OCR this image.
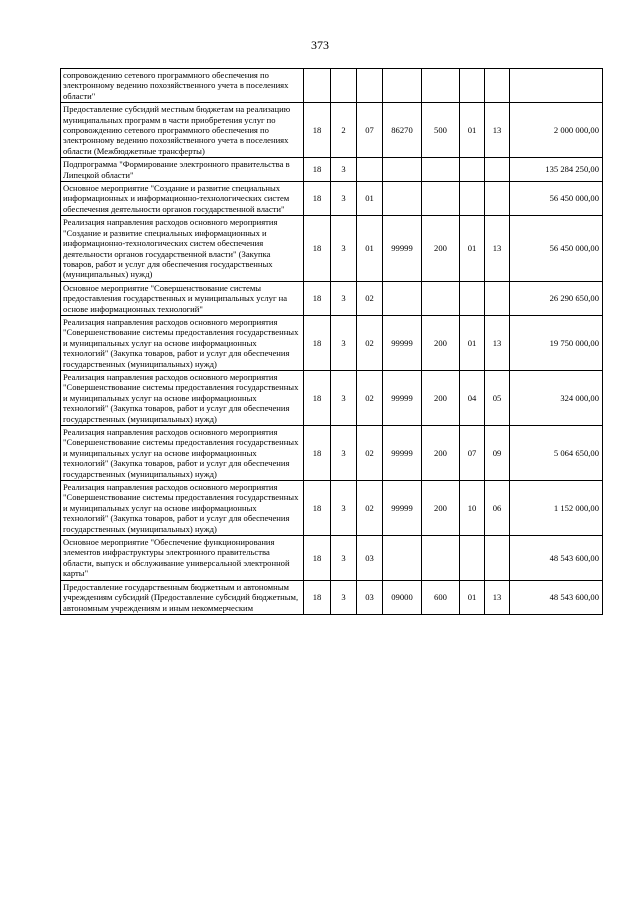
373
сопровождению сетевого программного обеспечения по электронному ведению похозяйственного учета в поселениях области"								
Предоставление субсидий местным бюджетам на реализацию муниципальных программ в части приобретения услуг по сопровождению сетевого программного обеспечения по электронному ведению похозяйственного учета в поселениях области (Межбюджетные трансферты)	18	2	07	86270	500	01	13	2 000 000,00
Подпрограмма "Формирование электронного правительства в Липецкой области"	18	3						135 284 250,00
Основное мероприятие "Создание и развитие специальных информационных и информационно-технологических систем обеспечения деятельности органов государственной власти"	18	3	01					56 450 000,00
Реализация направления расходов основного мероприятия "Создание и развитие специальных информационных и информационно-технологических систем обеспечения деятельности органов государственной власти" (Закупка товаров, работ и услуг для обеспечения государственных (муниципальных) нужд)	18	3	01	99999	200	01	13	56 450 000,00
Основное мероприятие "Совершенствование системы предоставления государственных и муниципальных услуг на основе информационных технологий"	18	3	02					26 290 650,00
Реализация направления расходов основного мероприятия "Совершенствование системы предоставления государственных и муниципальных услуг на основе информационных технологий" (Закупка товаров, работ и услуг для обеспечения государственных (муниципальных) нужд)	18	3	02	99999	200	01	13	19 750 000,00
Реализация направления расходов основного мероприятия "Совершенствование системы предоставления государственных и муниципальных услуг на основе информационных технологий" (Закупка товаров, работ и услуг для обеспечения государственных (муниципальных) нужд)	18	3	02	99999	200	04	05	324 000,00
Реализация направления расходов основного мероприятия "Совершенствование системы предоставления государственных и муниципальных услуг на основе информационных технологий" (Закупка товаров, работ и услуг для обеспечения государственных (муниципальных) нужд)	18	3	02	99999	200	07	09	5 064 650,00
Реализация направления расходов основного мероприятия "Совершенствование системы предоставления государственных и муниципальных услуг на основе информационных технологий" (Закупка товаров, работ и услуг для обеспечения государственных (муниципальных) нужд)	18	3	02	99999	200	10	06	1 152 000,00
Основное мероприятие "Обеспечение функционирования элементов инфраструктуры электронного правительства области, выпуск и обслуживание универсальной электронной карты"	18	3	03					48 543 600,00
Предоставление государственным бюджетным и автономным учреждениям субсидий (Предоставление субсидий бюджетным, автономным учреждениям и иным некоммерческим	18	3	03	09000	600	01	13	48 543 600,00
